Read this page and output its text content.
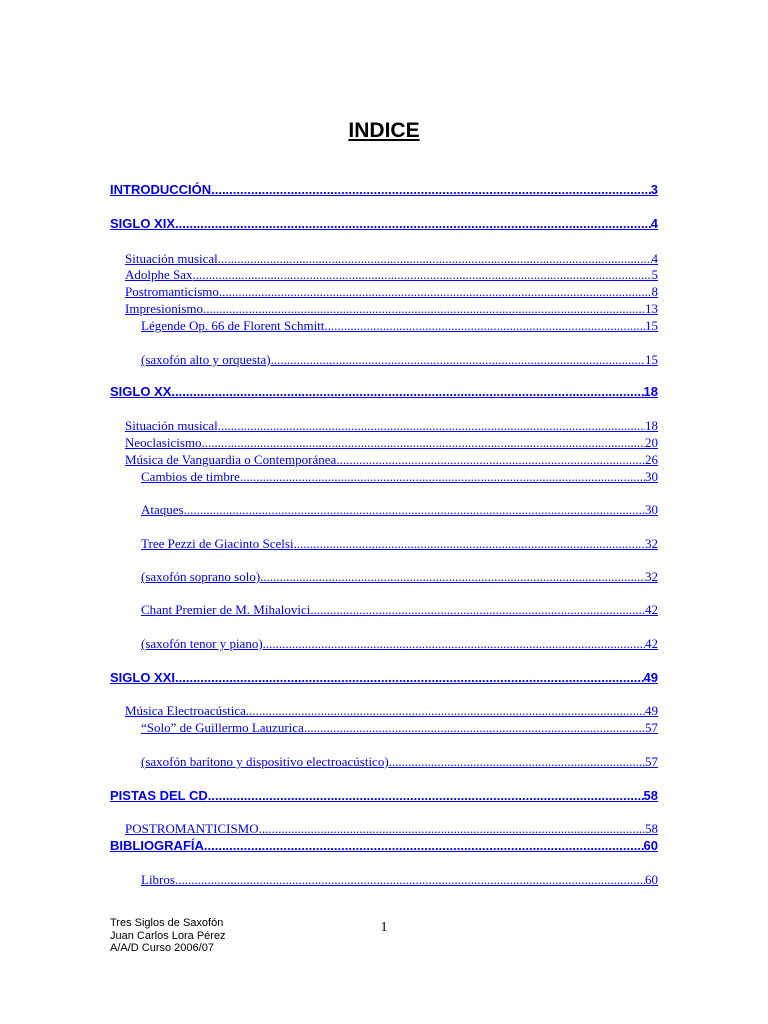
INDICE
INTRODUCCIÓN .....	3
SIGLO XIX .....	4
Situación musical .....	4
Adolphe Sax .....	5
Postromanticismo .....	8
Impresionismo .....	13
Légende Op. 66 de Florent Schmitt .....	15
(saxofón alto y orquesta) .....	15
SIGLO XX .....	18
Situación musical .....	18
Neoclasicismo .....	20
Música de Vanguardia o Contemporánea .....	26
Cambios de timbre .....	30
Ataques .....	30
Tree Pezzi de Giacinto Scelsi .....	32
(saxofón soprano solo) .....	32
Chant Premier de M. Mihalovici .....	42
(saxofón tenor y piano) .....	42
SIGLO XXI .....	49
Música Electroacústica .....	49
“Solo” de Guillermo Lauzurica .....	57
(saxofón barítono y dispositivo electroacústico) .....	57
PISTAS DEL CD .....	58
POSTROMANTICISMO .....	58
BIBLIOGRAFÍA .....	60
Libros .....	60
Tres Siglos de Saxofón
Juan Carlos Lora Pérez
A/A/D Curso 2006/07
1
